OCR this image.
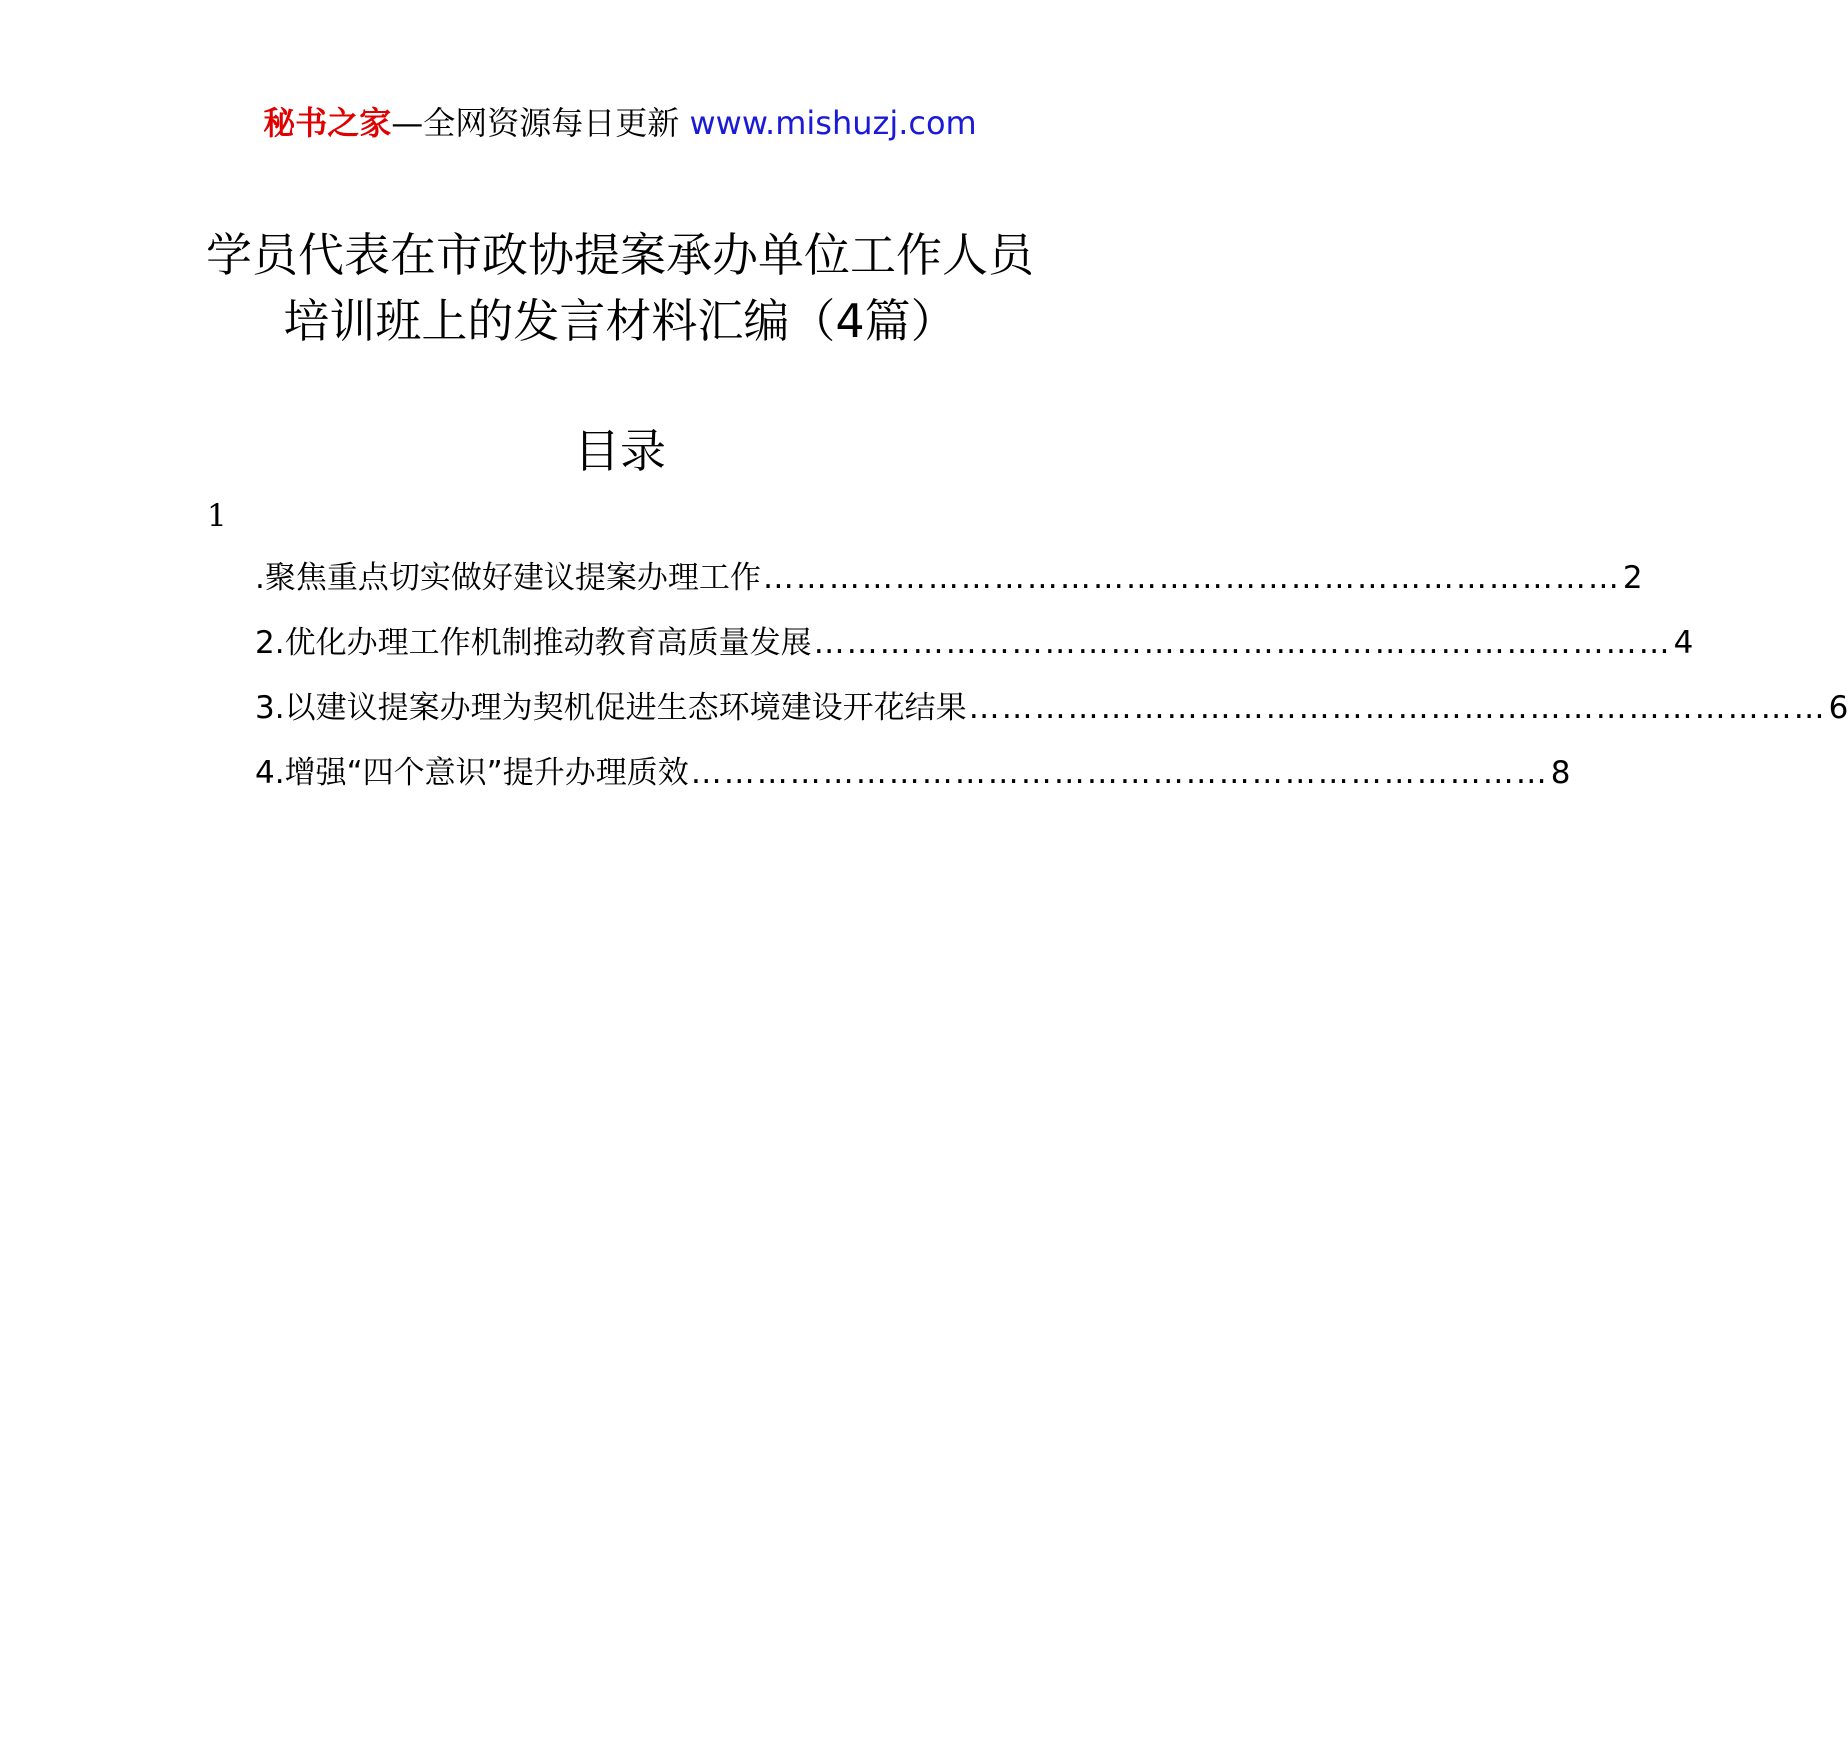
秘书之家—全网资源每日更新 www.mishuzj.com
学员代表在市政协提案承办单位工作人员
培训班上的发言材料汇编（4篇）
目录
1
.聚焦重点切实做好建议提案办理工作 …………………………………………………………………… 2
2.优化办理工作机制推动教育高质量发展 …………………………………………………………………… 4
3.以建议提案办理为契机促进生态环境建设开花结果 …………………………………………………………………… 6
4.增强“四个意识”提升办理质效 …………………………………………………………………… 8
